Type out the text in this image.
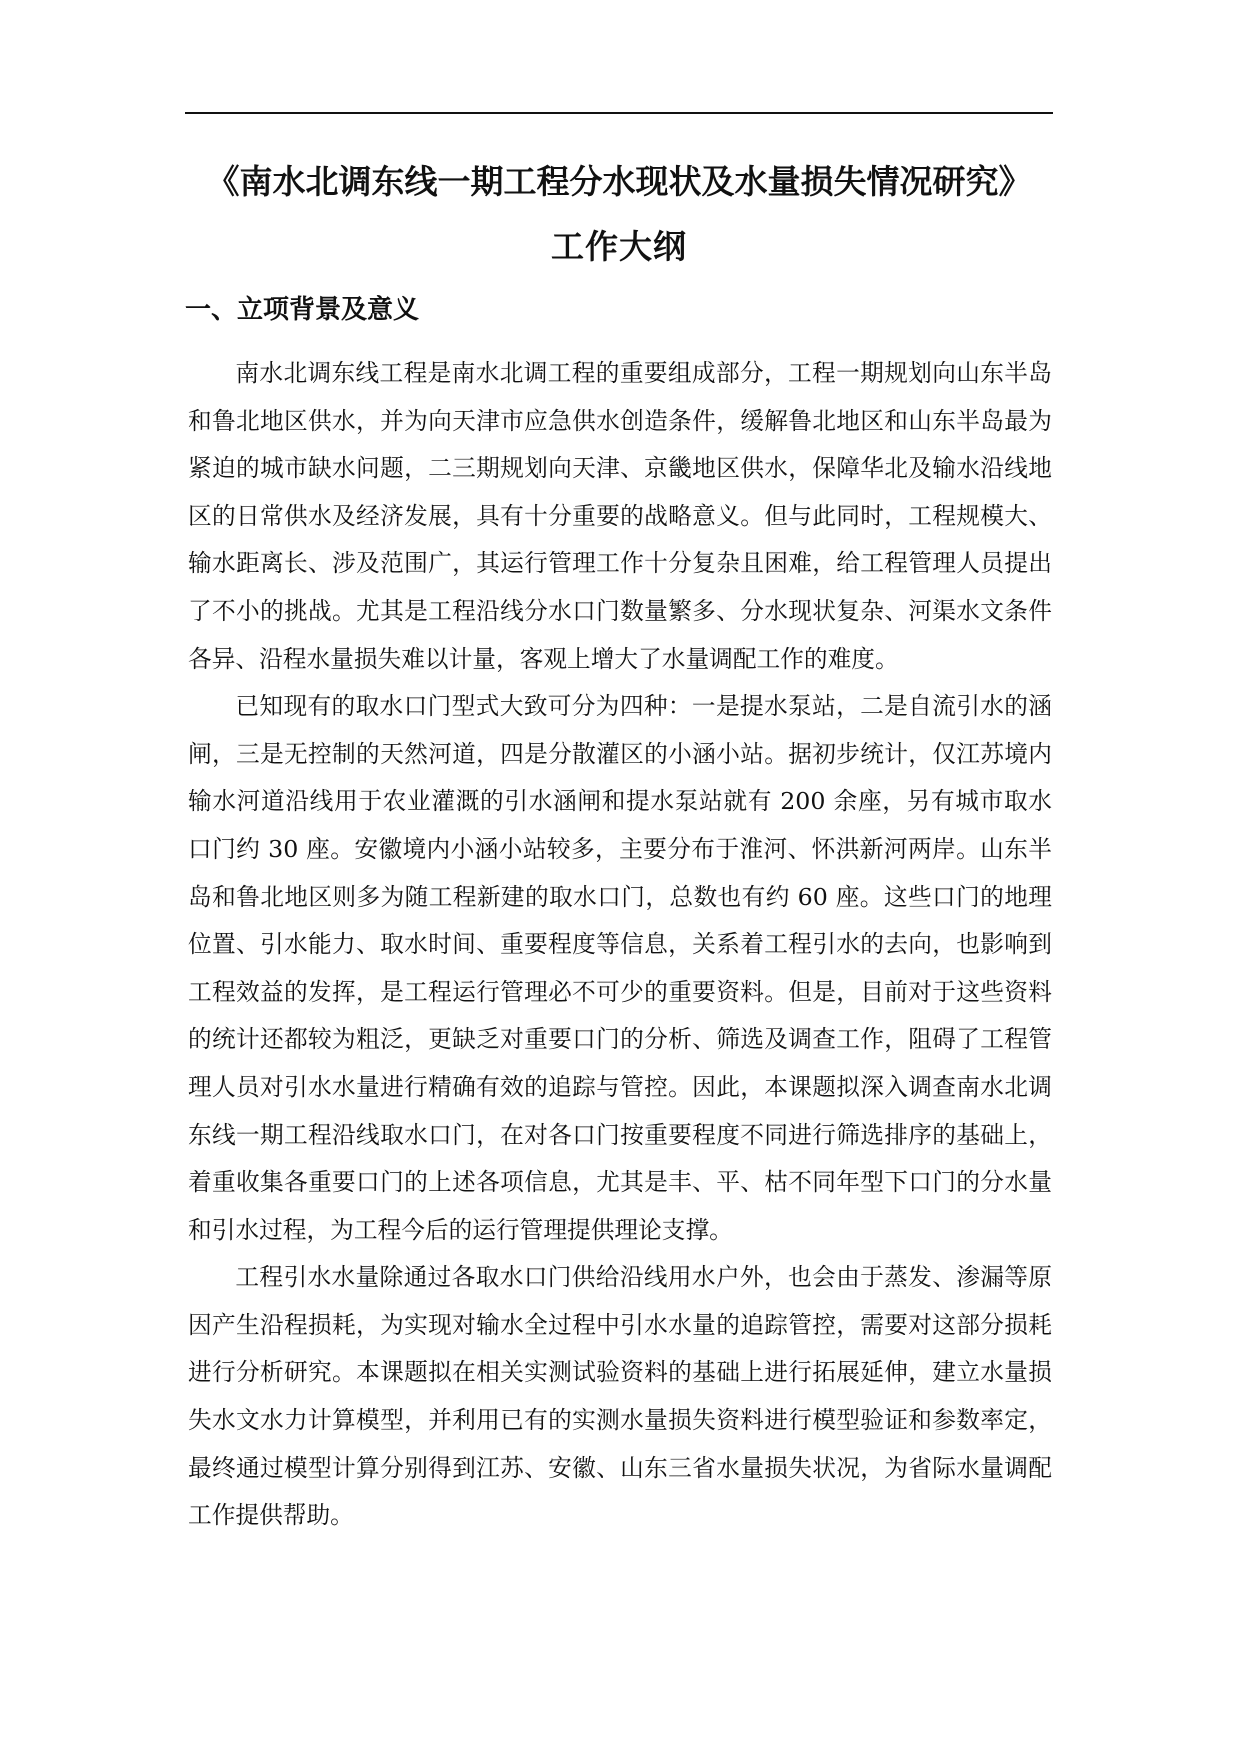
《南水北调东线一期工程分水现状及水量损失情况研究》
工作大纲
一、立项背景及意义

南水北调东线工程是南水北调工程的重要组成部分，工程一期规划向山东半岛和鲁北地区供水，并为向天津市应急供水创造条件，缓解鲁北地区和山东半岛最为紧迫的城市缺水问题，二三期规划向天津、京畿地区供水，保障华北及输水沿线地区的日常供水及经济发展，具有十分重要的战略意义。但与此同时，工程规模大、输水距离长、涉及范围广，其运行管理工作十分复杂且困难，给工程管理人员提出了不小的挑战。尤其是工程沿线分水口门数量繁多、分水现状复杂、河渠水文条件各异、沿程水量损失难以计量，客观上增大了水量调配工作的难度。

已知现有的取水口门型式大致可分为四种：一是提水泵站，二是自流引水的涵闸，三是无控制的天然河道，四是分散灌区的小涵小站。据初步统计，仅江苏境内输水河道沿线用于农业灌溉的引水涵闸和提水泵站就有 200 余座，另有城市取水口门约 30 座。安徽境内小涵小站较多，主要分布于淮河、怀洪新河两岸。山东半岛和鲁北地区则多为随工程新建的取水口门，总数也有约 60 座。这些口门的地理位置、引水能力、取水时间、重要程度等信息，关系着工程引水的去向，也影响到工程效益的发挥，是工程运行管理必不可少的重要资料。但是，目前对于这些资料的统计还都较为粗泛，更缺乏对重要口门的分析、筛选及调查工作，阻碍了工程管理人员对引水水量进行精确有效的追踪与管控。因此，本课题拟深入调查南水北调东线一期工程沿线取水口门，在对各口门按重要程度不同进行筛选排序的基础上，着重收集各重要口门的上述各项信息，尤其是丰、平、枯不同年型下口门的分水量和引水过程，为工程今后的运行管理提供理论支撑。

工程引水水量除通过各取水口门供给沿线用水户外，也会由于蒸发、渗漏等原因产生沿程损耗，为实现对输水全过程中引水水量的追踪管控，需要对这部分损耗进行分析研究。本课题拟在相关实测试验资料的基础上进行拓展延伸，建立水量损失水文水力计算模型，并利用已有的实测水量损失资料进行模型验证和参数率定，最终通过模型计算分别得到江苏、安徽、山东三省水量损失状况，为省际水量调配工作提供帮助。
